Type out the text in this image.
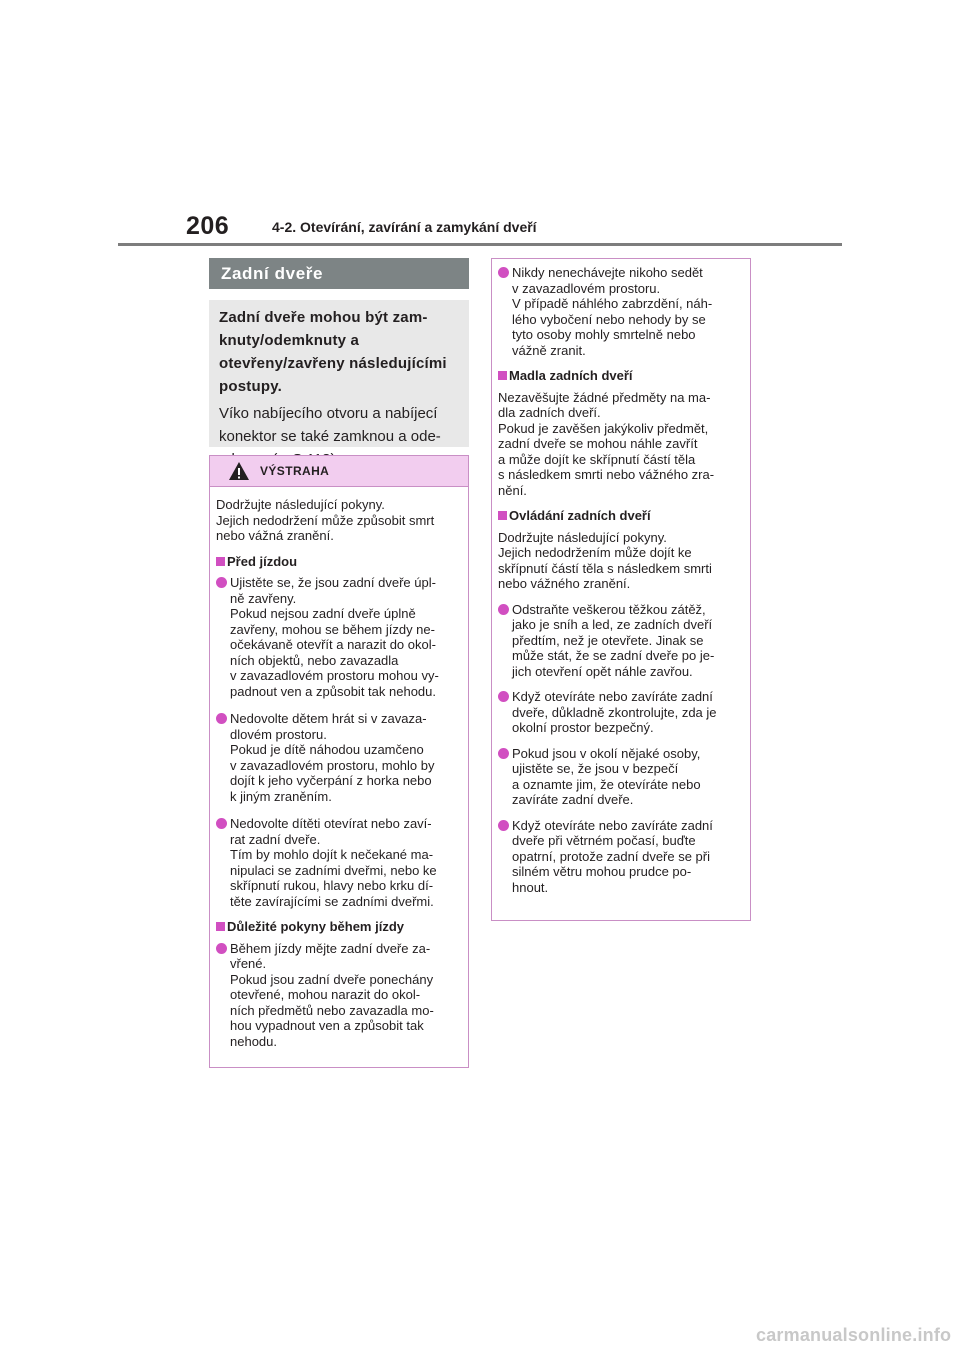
206	4-2. Otevírání, zavírání a zamykání dveří
Zadní dveře

Zadní dveře mohou být zamknuty/odemknuty a otevřeny/zavřeny následujícími postupy.

Víko nabíjecího otvoru a nabíjecí konektor se také zamknou a ode

VÝSTRAHA
Dodržujte následující pokyny.
Jejich nedodržení může způsobit smrt
nebo vážná zranění.

Před jízdou

Ujistěte se, že jsou zadní dveře úpl-
ně zavřeny.
Pokud nejsou zadní dveře úplně
zavřeny, mohou se během jízdy ne-
očekávaně otevřít a narazit do okol-
ních objektů, nebo zavazadla
v zavazadlovém prostoru mohou vy-
padnout ven a způsobit tak nehodu.
Nedovolte dětem hrát si v zavaza-
dlovém prostoru.
Pokud je dítě náhodou uzamčeno
v zavazadlovém prostoru, mohlo by
dojít k jeho vyčerpání z horka nebo
k jiným zraněním.
Nedovolte dítěti otevírat nebo zaví-
rat zadní dveře.
Tím by mohlo dojít k nečekané ma-
nipulaci se zadními dveřmi, nebo ke
skřípnutí rukou, hlavy nebo krku dí-
těte zavírajícími se zadními dveřmi.

Důležité pokyny během jízdy

Během jízdy mějte zadní dveře za-
vřené.
Pokud jsou zadní dveře ponechány
otevřené, mohou narazit do okol-
ních předmětů nebo zavazadla mo-
hou vypadnout ven a způsobit tak
nehodu.
Nikdy nenechávejte nikoho sedět
v zavazadlovém prostoru.
V případě náhlého zabrzdění, náh-
lého vybočení nebo nehody by se
tyto osoby mohly smrtelně nebo
vážně zranit.

Madla zadních dveří

Nezavěšujte žádné předměty na ma-
dla zadních dveří.
Pokud je zavěšen jakýkoliv předmět,
zadní dveře se mohou náhle zavřít
a může dojít ke skřípnutí částí těla
s následkem smrti nebo vážného zra-
nění.

Ovládání zadních dveří

Dodržujte následující pokyny.
Jejich nedodržením může dojít ke
skřípnutí částí těla s následkem smrti
nebo vážného zranění.
Odstraňte veškerou těžkou zátěž,
jako je sníh a led, ze zadních dveří
předtím, než je otevřete. Jinak se
může stát, že se zadní dveře po je-
jich otevření opět náhle zavřou.
Když otevíráte nebo zavíráte zadní
dveře, důkladně zkontrolujte, zda je
okolní prostor bezpečný.
Pokud jsou v okolí nějaké osoby,
ujistěte se, že jsou v bezpečí
a oznamte jim, že otevíráte nebo
zavíráte zadní dveře.
Když otevíráte nebo zavíráte zadní
dveře při větrném počasí, buďte
opatrní, protože zadní dveře se při
silném větru mohou prudce po-
hnout.
carmanualsonline.info
